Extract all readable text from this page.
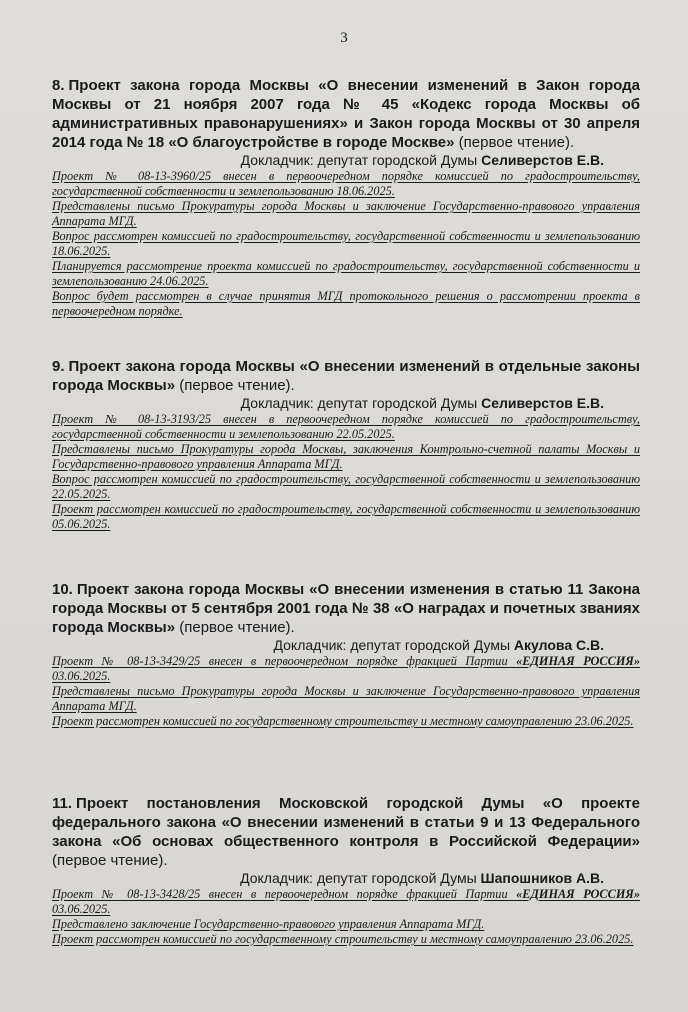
3

8. Проект закона города Москвы «О внесении изменений в Закон города Москвы от 21 ноября 2007 года № 45 «Кодекс города Москвы об административных правонарушениях» и Закон города Москвы от 30 апреля 2014 года № 18 «О благоустройстве в городе Москве» (первое чтение).

Докладчик: депутат городской Думы Селиверстов Е.В.

Проект № 08-13-3960/25 внесен в первоочередном порядке комиссией по градостроительству, государственной собственности и землепользованию 18.06.2025.

Представлены письмо Прокуратуры города Москвы и заключение Государственно-правового управления Аппарата МГД.

Вопрос рассмотрен комиссией по градостроительству, государственной собственности и землепользованию 18.06.2025.

Планируется рассмотрение проекта комиссией по градостроительству, государственной собственности и землепользованию 24.06.2025.

Вопрос будет рассмотрен в случае принятия МГД протокольного решения о рассмотрении проекта в первоочередном порядке.

9. Проект закона города Москвы «О внесении изменений в отдельные законы города Москвы» (первое чтение).

Докладчик: депутат городской Думы Селиверстов Е.В.

Проект № 08-13-3193/25 внесен в первоочередном порядке комиссией по градостроительству, государственной собственности и землепользованию 22.05.2025.

Представлены письмо Прокуратуры города Москвы, заключения Контрольно-счетной палаты Москвы и Государственно-правового управления Аппарата МГД.

Вопрос рассмотрен комиссией по градостроительству, государственной собственности и землепользованию 22.05.2025.

Проект рассмотрен комиссией по градостроительству, государственной собственности и землепользованию 05.06.2025.

10. Проект закона города Москвы «О внесении изменения в статью 11 Закона города Москвы от 5 сентября 2001 года № 38 «О наградах и почетных званиях города Москвы» (первое чтение).

Докладчик: депутат городской Думы Акулова С.В.

Проект № 08-13-3429/25 внесен в первоочередном порядке фракцией Партии «ЕДИНАЯ РОССИЯ» 03.06.2025.

Представлены письмо Прокуратуры города Москвы и заключение Государственно-правового управления Аппарата МГД.

Проект рассмотрен комиссией по государственному строительству и местному самоуправлению 23.06.2025.

11. Проект постановления Московской городской Думы «О проекте федерального закона «О внесении изменений в статьи 9 и 13 Федерального закона «Об основах общественного контроля в Российской Федерации» (первое чтение).

Докладчик: депутат городской Думы Шапошников А.В.

Проект № 08-13-3428/25 внесен в первоочередном порядке фракцией Партии «ЕДИНАЯ РОССИЯ» 03.06.2025.

Представлено заключение Государственно-правового управления Аппарата МГД.

Проект рассмотрен комиссией по государственному строительству и местному самоуправлению 23.06.2025.
